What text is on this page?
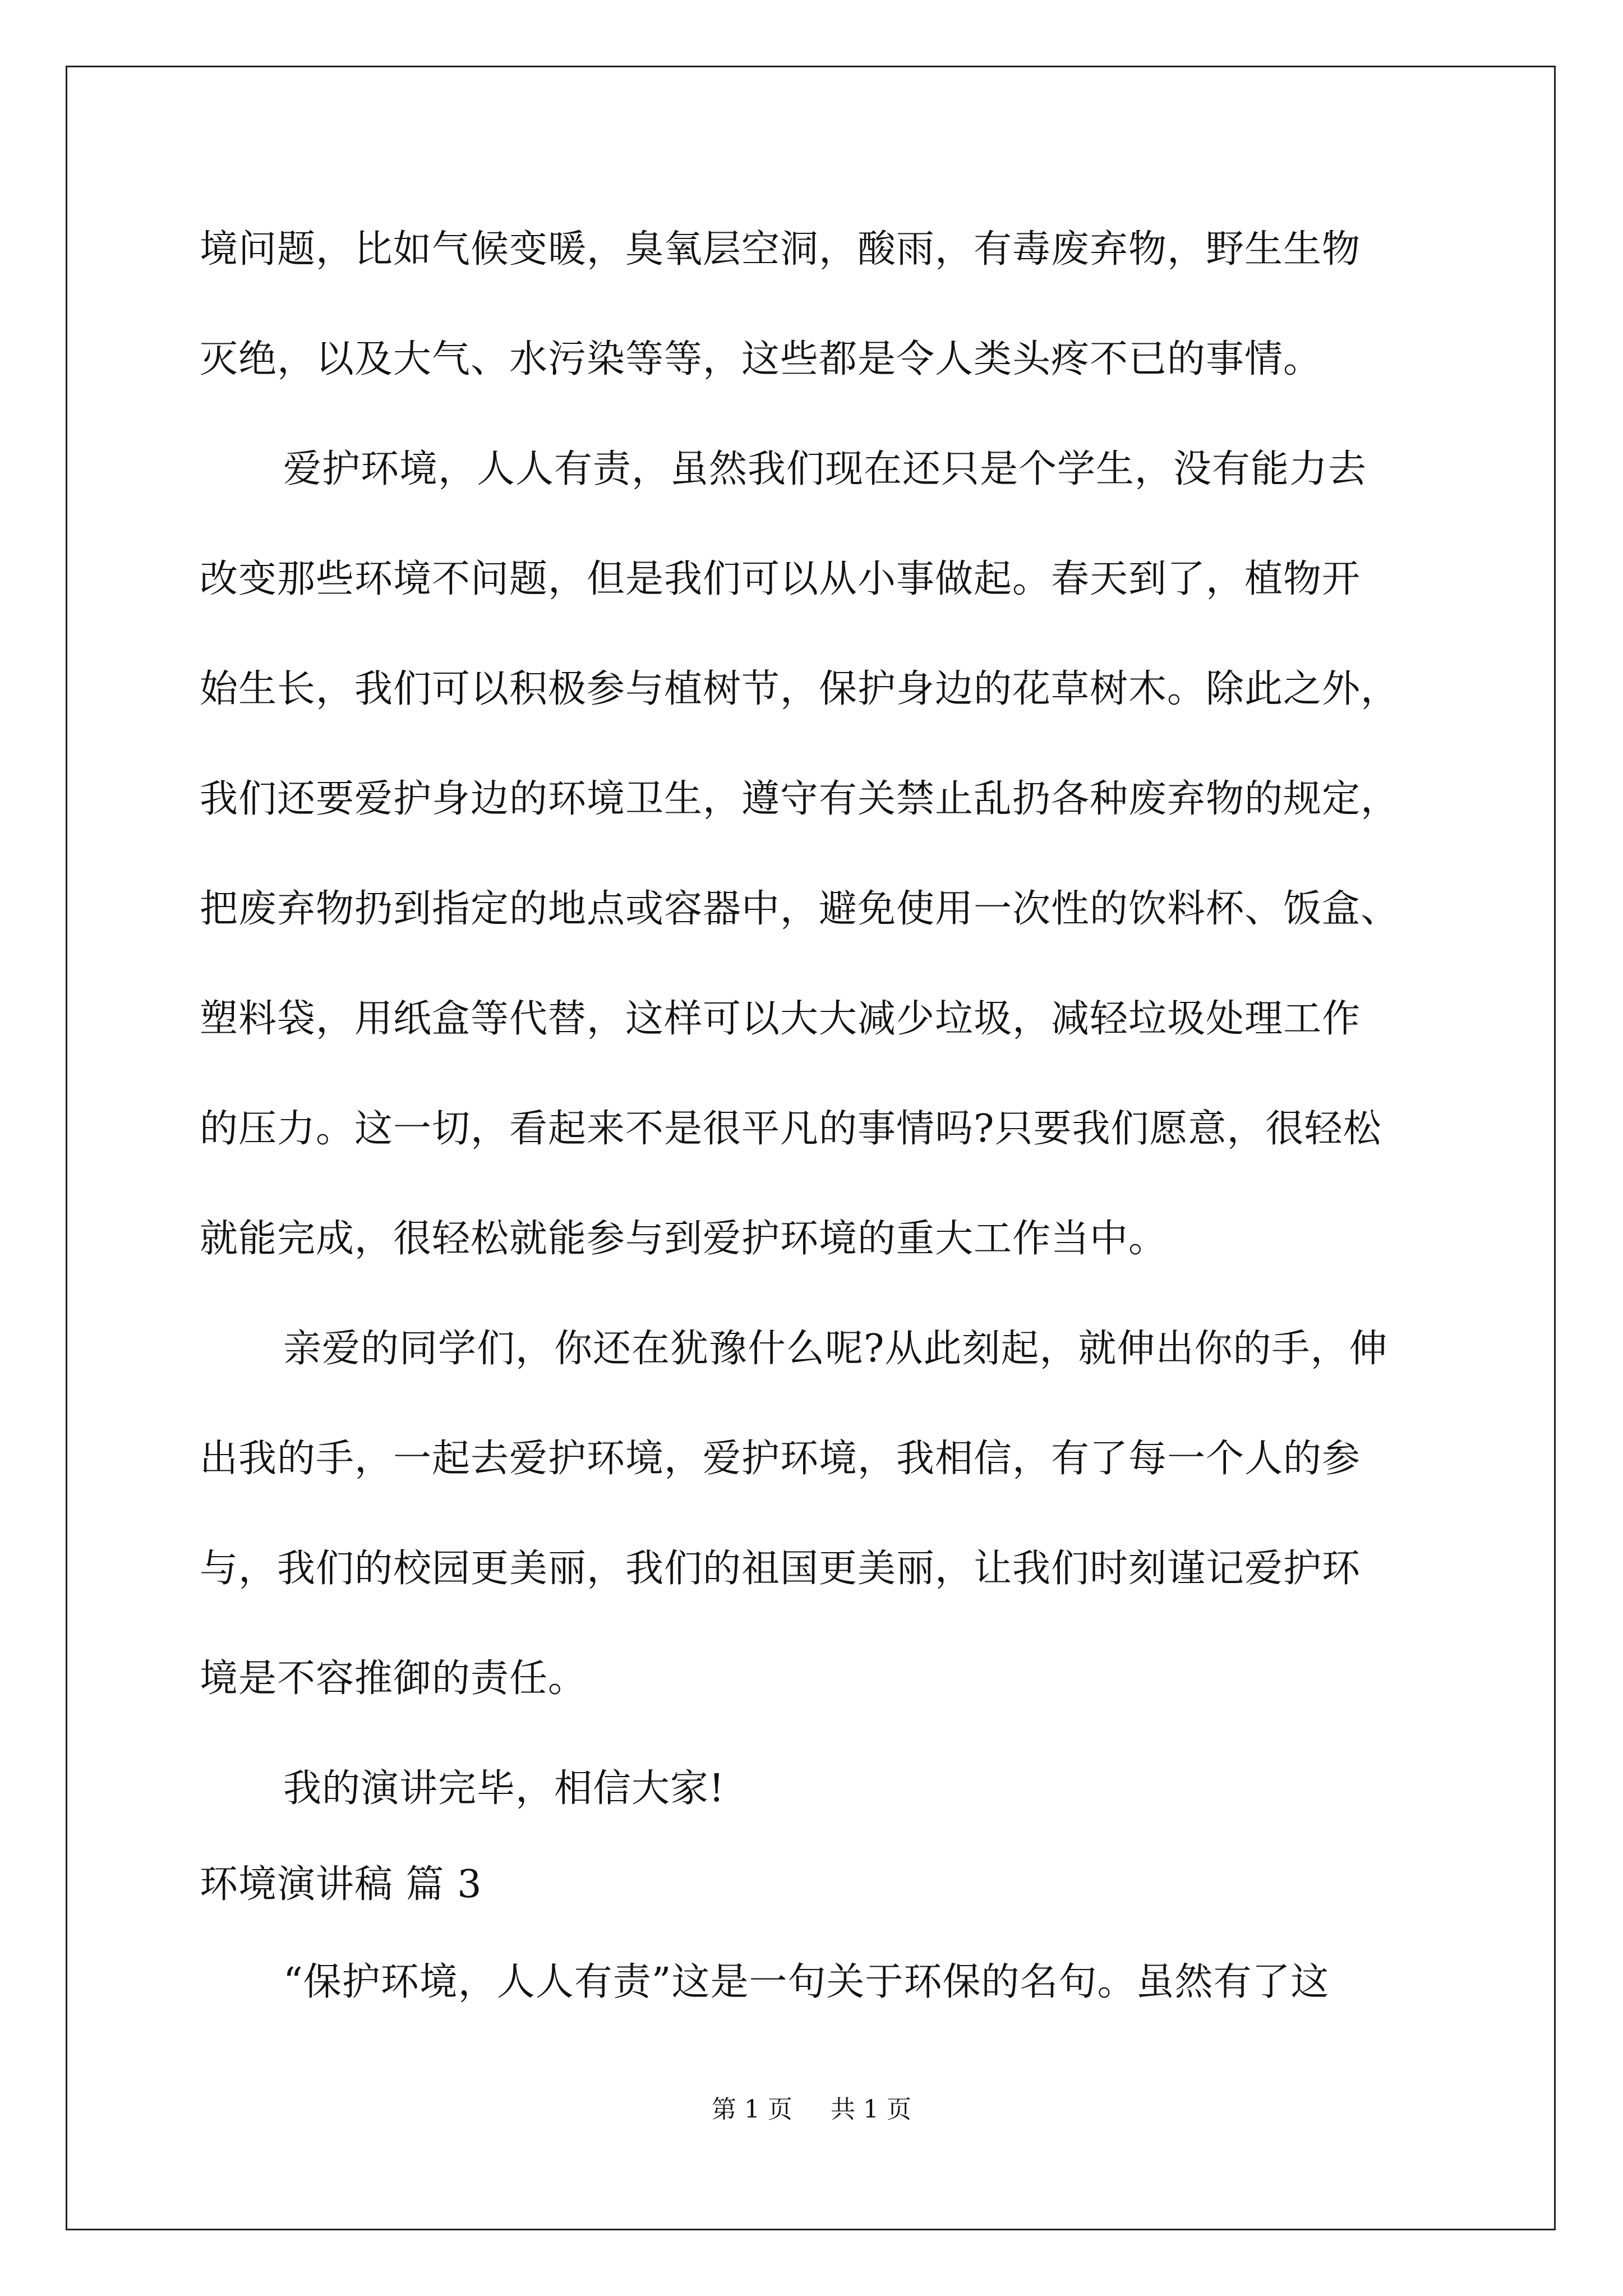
境问题，比如气候变暖，臭氧层空洞，酸雨，有毒废弃物，野生生物
灭绝，以及大气、水污染等等，这些都是令人类头疼不已的事情。
爱护环境，人人有责，虽然我们现在还只是个学生，没有能力去
改变那些环境不问题，但是我们可以从小事做起。春天到了，植物开
始生长，我们可以积极参与植树节，保护身边的花草树木。除此之外，
我们还要爱护身边的环境卫生，遵守有关禁止乱扔各种废弃物的规定，
把废弃物扔到指定的地点或容器中，避免使用一次性的饮料杯、饭盒、
塑料袋，用纸盒等代替，这样可以大大减少垃圾，减轻垃圾处理工作
的压力。这一切，看起来不是很平凡的事情吗?只要我们愿意，很轻松
就能完成，很轻松就能参与到爱护环境的重大工作当中。
亲爱的同学们，你还在犹豫什么呢?从此刻起，就伸出你的手，伸
出我的手，一起去爱护环境，爱护环境，我相信，有了每一个人的参
与，我们的校园更美丽，我们的祖国更美丽，让我们时刻谨记爱护环
境是不容推御的责任。
我的演讲完毕，相信大家!
环境演讲稿 篇 3
“保护环境，人人有责”这是一句关于环保的名句。虽然有了这
第 1 页 共 1 页
